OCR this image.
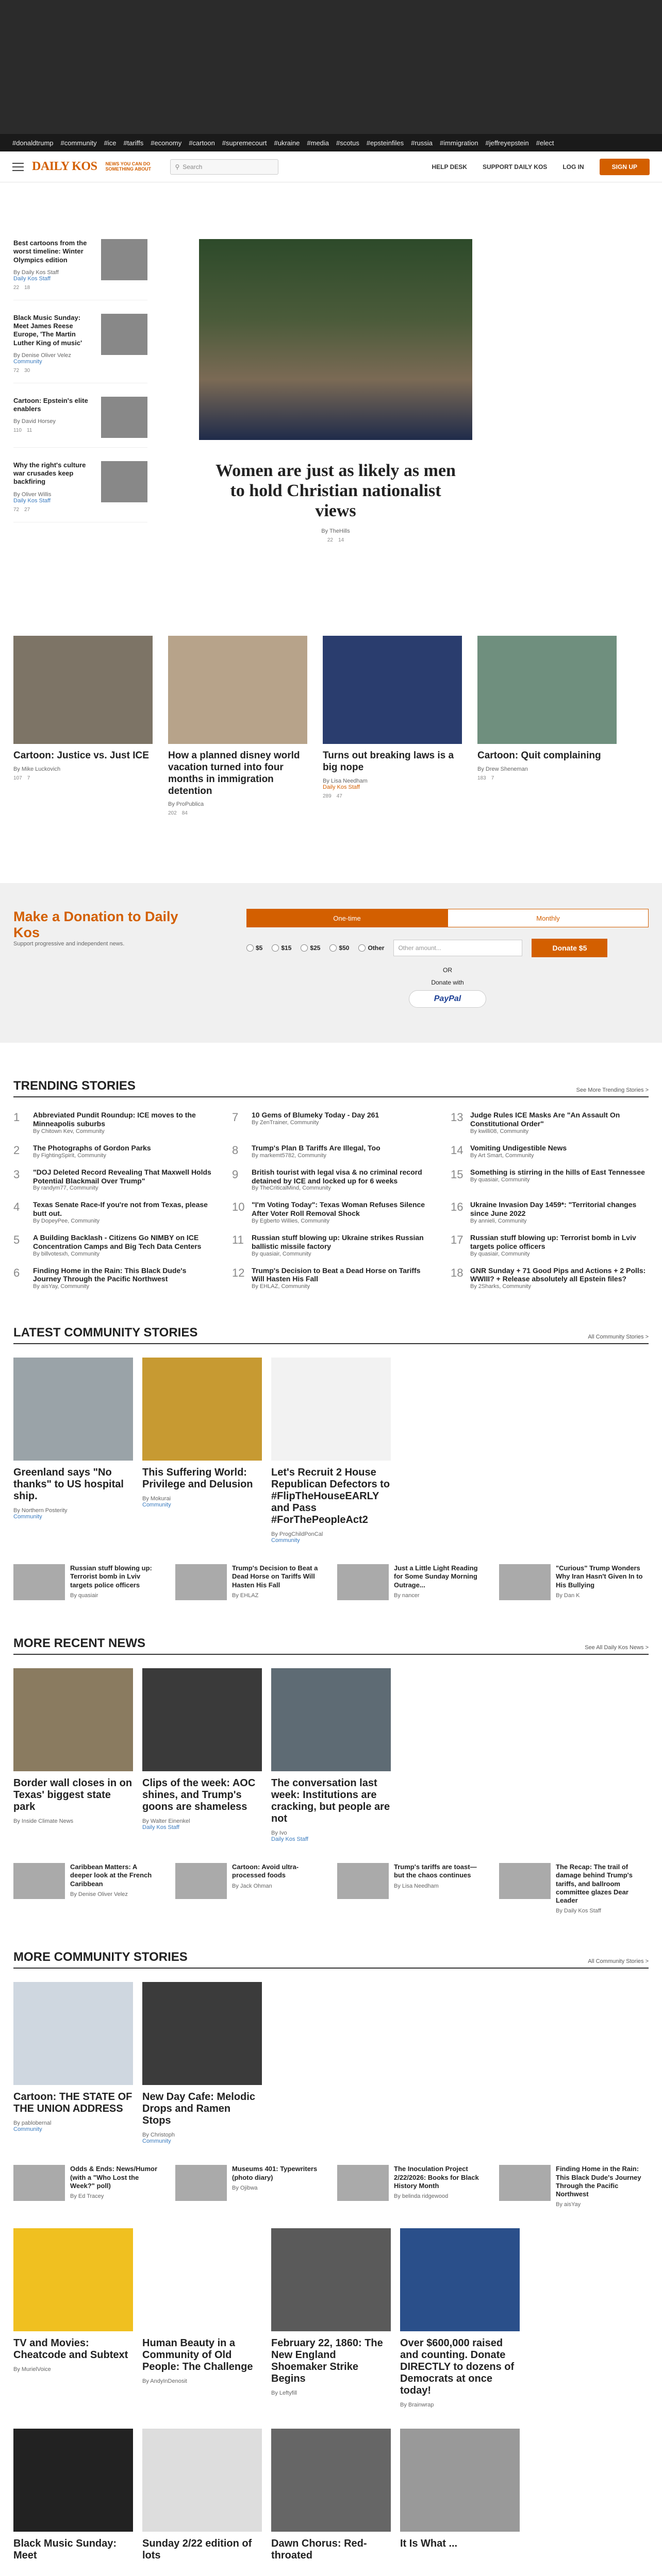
#donaldtrump #community #ice #tariffs #economy #cartoon #supremecourt #ukraine #media #scotus #epsteinfiles #russia #immigration #jeffreyepstein #elect
DAILY KOS NEWS YOU CAN DO SOMETHING ABOUT	⚲ Search	HELP DESK	SUPPORT DAILY KOS	LOG IN	SIGN UP
Best cartoons from the worst timeline: Winter Olympics edition
By Daily Kos Staff
Daily Kos Staff
22 18
Black Music Sunday: Meet James Reese Europe, 'The Martin Luther King of music'
By Denise Oliver Velez
Community
72 30
Cartoon: Epstein's elite enablers
By David Horsey
110 11
Why the right's culture war crusades keep backfiring
By Oliver Willis
Daily Kos Staff
72 27
Women are just as likely as men to hold Christian nationalist views
By TheHills
22 14
Cartoon: Justice vs. Just ICE
By Mike Luckovich
107 7
How a planned disney world vacation turned into four months in immigration detention
By ProPublica
202 84
Turns out breaking laws is a big nope
By Lisa Needham
Daily Kos Staff
289 47
Cartoon: Quit complaining
By Drew Sheneman
183 7
Make a Donation to Daily Kos
Support progressive and independent news.
One-time	Monthly
$5	$15	$25	$50	Other	Other amount...	Donate $5
OR
Donate with
PayPal
TRENDING STORIES	See More Trending Stories >
1	Abbreviated Pundit Roundup: ICE moves to the Minneapolis suburbs
By Chitown Kev, Community
7	10 Gems of Blumeky Today - Day 261
By ZenTrainer, Community	13 Judge Rules ICE Masks Are "An Assault On Constitutional Order"
By kwilli08, Community
2	The Photographs of Gordon Parks
By FightingSpirit, Community	8	Trump's Plan B Tariffs Are Illegal, Too
By markemt5782, Community	14 Vomiting Undigestible News
By Art Smart, Community
3	"DOJ Deleted Record Revealing That Maxwell Holds Potential Blackmail Over Trump"
By randym77, Community
9	British tourist with legal visa & no criminal record detained by ICE and locked up for 6 weeks
By TheCriticalMind, Community
15 Something is stirring in the hills of East Tennessee
By quasiair, Community
4	Texas Senate Race-If you're not from Texas, please butt out.
By DopeyPee, Community
10 "I'm Voting Today": Texas Woman Refuses Silence After Voter Roll Removal Shock
By Egberto Willies, Community
16 Ukraine Invasion Day 1459*: "Territorial changes since June 2022
By annieli, Community
5	A Building Backlash - Citizens Go NIMBY on ICE Concentration Camps and Big Tech Data Centers
By billvotesxh, Community
11	Russian stuff blowing up: Ukraine strikes Russian ballistic missile factory
By quasiair, Community
17 Russian stuff blowing up: Terrorist bomb in Lviv targets police officers
By quasiair, Community
6	Finding Home in the Rain: This Black Dude's Journey Through the Pacific Northwest
By aisYay, Community
12 Trump's Decision to Beat a Dead Horse on Tariffs Will Hasten His Fall
By EHLAZ, Community
18 GNR Sunday + 71 Good Pips and Actions + 2 Polls: WWIII? + Release absolutely all Epstein files?
By 2Sharks, Community
LATEST COMMUNITY STORIES	All Community Stories >
Greenland says "No thanks" to US hospital ship.
By Northern Posterity
Community
This Suffering World: Privilege and Delusion
By Mokurai
Community
Let's Recruit 2 House Republican Defectors to #FlipTheHouseEARLY and Pass #ForThePeopleAct2
By ProgChildPonCal
Community
Russian stuff blowing up: Terrorist bomb in Lviv targets police officers
By quasiair
Trump's Decision to Beat a Dead Horse on Tariffs Will Hasten His Fall
By EHLAZ
Just a Little Light Reading for Some Sunday Morning Outrage...
By nancer
"Curious" Trump Wonders Why Iran Hasn't Given In to His Bullying
By Dan K
MORE RECENT NEWS	See All Daily Kos News >
Border wall closes in on Texas' biggest state park
By Inside Climate News
Clips of the week: AOC shines, and Trump's goons are shameless
By Walter Einenkel
Daily Kos Staff
The conversation last week: Institutions are cracking, but people are not
By Ivo
Daily Kos Staff
Caribbean Matters: A deeper look at the French Caribbean
By Denise Oliver Velez
Cartoon: Avoid ultra-processed foods
By Jack Ohman
Trump's tariffs are toast—but the chaos continues
By Lisa Needham
The Recap: The trail of damage behind Trump's tariffs, and ballroom committee glazes Dear Leader
By Daily Kos Staff
MORE COMMUNITY STORIES	All Community Stories >
Cartoon: THE STATE OF THE UNION ADDRESS
By pablobernal
Community
New Day Cafe: Melodic Drops and Ramen Stops
By Christoph
Community
Odds & Ends: News/Humor (with a "Who Lost the Week?" poll)
By Ed Tracey
Museums 401: Typewriters (photo diary)
By Ojibwa
The Inoculation Project 2/22/2026: Books for Black History Month
By belinda ridgewood
Finding Home in the Rain: This Black Dude's Journey Through the Pacific Northwest
By aisYay
TV and Movies: Cheatcode and Subtext
By MurielVoice
Human Beauty in a Community of Old People: The Challenge
By AndyInDenosit
February 22, 1860: The New England Shoemaker Strike Begins
By Leftyfill
Over $600,000 raised and counting. Donate DIRECTLY to dozens of Democrats at once today!
By Brainwrap
Black Music Sunday: Meet
Sunday 2/22 edition of lots
Dawn Chorus: Red-throated
It Is What ...
